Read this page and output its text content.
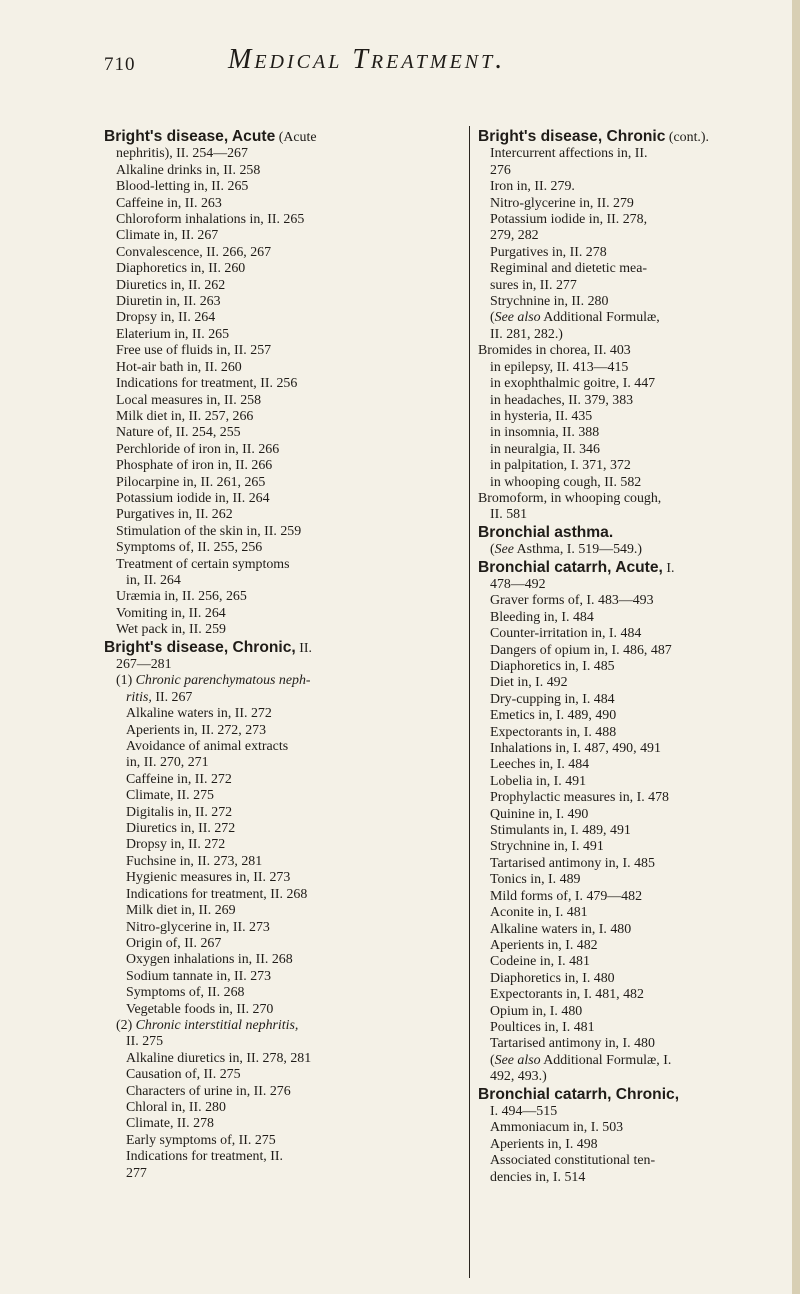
710	Medical Treatment.
Bright's disease, Acute (Acute
nephritis), II. 254—267
Alkaline drinks in, II. 258
Blood-letting in, II. 265
Caffeine in, II. 263
Chloroform inhalations in, II. 265
Climate in, II. 267
Convalescence, II. 266, 267
Diaphoretics in, II. 260
Diuretics in, II. 262
Diuretin in, II. 263
Dropsy in, II. 264
Elaterium in, II. 265
Free use of fluids in, II. 257
Hot-air bath in, II. 260
Indications for treatment, II. 256
Local measures in, II. 258
Milk diet in, II. 257, 266
Nature of, II. 254, 255
Perchloride of iron in, II. 266
Phosphate of iron in, II. 266
Pilocarpine in, II. 261, 265
Potassium iodide in, II. 264
Purgatives in, II. 262
Stimulation of the skin in, II. 259
Symptoms of, II. 255, 256
Treatment of certain symptoms
in, II. 264
Uræmia in, II. 256, 265
Vomiting in, II. 264
Wet pack in, II. 259
Bright's disease, Chronic, II.
267—281
(1) Chronic parenchymatous neph-
ritis, II. 267
Alkaline waters in, II. 272
Aperients in, II. 272, 273
Avoidance of animal extracts
in, II. 270, 271
Caffeine in, II. 272
Climate, II. 275
Digitalis in, II. 272
Diuretics in, II. 272
Dropsy in, II. 272
Fuchsine in, II. 273, 281
Hygienic measures in, II. 273
Indications for treatment, II. 268
Milk diet in, II. 269
Nitro-glycerine in, II. 273
Origin of, II. 267
Oxygen inhalations in, II. 268
Sodium tannate in, II. 273
Symptoms of, II. 268
Vegetable foods in, II. 270
(2) Chronic interstitial nephritis,
II. 275
Alkaline diuretics in, II. 278, 281
Causation of, II. 275
Characters of urine in, II. 276
Chloral in, II. 280
Climate, II. 278
Early symptoms of, II. 275
Indications for treatment, II.
277
Bright's disease, Chronic (cont.).
Intercurrent affections in, II.
276
Iron in, II. 279.
Nitro-glycerine in, II. 279
Potassium iodide in, II. 278,
279, 282
Purgatives in, II. 278
Regiminal and dietetic mea-
sures in, II. 277
Strychnine in, II. 280
(See also Additional Formulæ,
II. 281, 282.)
Bromides in chorea, II. 403
in epilepsy, II. 413—415
in exophthalmic goitre, I. 447
in headaches, II. 379, 383
in hysteria, II. 435
in insomnia, II. 388
in neuralgia, II. 346
in palpitation, I. 371, 372
in whooping cough, II. 582
Bromoform, in whooping cough,
II. 581
Bronchial asthma.
(See Asthma, I. 519—549.)
Bronchial catarrh, Acute, I.
478—492
Graver forms of, I. 483—493
Bleeding in, I. 484
Counter-irritation in, I. 484
Dangers of opium in, I. 486, 487
Diaphoretics in, I. 485
Diet in, I. 492
Dry-cupping in, I. 484
Emetics in, I. 489, 490
Expectorants in, I. 488
Inhalations in, I. 487, 490, 491
Leeches in, I. 484
Lobelia in, I. 491
Prophylactic measures in, I. 478
Quinine in, I. 490
Stimulants in, I. 489, 491
Strychnine in, I. 491
Tartarised antimony in, I. 485
Tonics in, I. 489
Mild forms of, I. 479—482
Aconite in, I. 481
Alkaline waters in, I. 480
Aperients in, I. 482
Codeine in, I. 481
Diaphoretics in, I. 480
Expectorants in, I. 481, 482
Opium in, I. 480
Poultices in, I. 481
Tartarised antimony in, I. 480
(See also Additional Formulæ, I.
492, 493.)
Bronchial catarrh, Chronic,
I. 494—515
Ammoniacum in, I. 503
Aperients in, I. 498
Associated constitutional ten-
dencies in, I. 514
